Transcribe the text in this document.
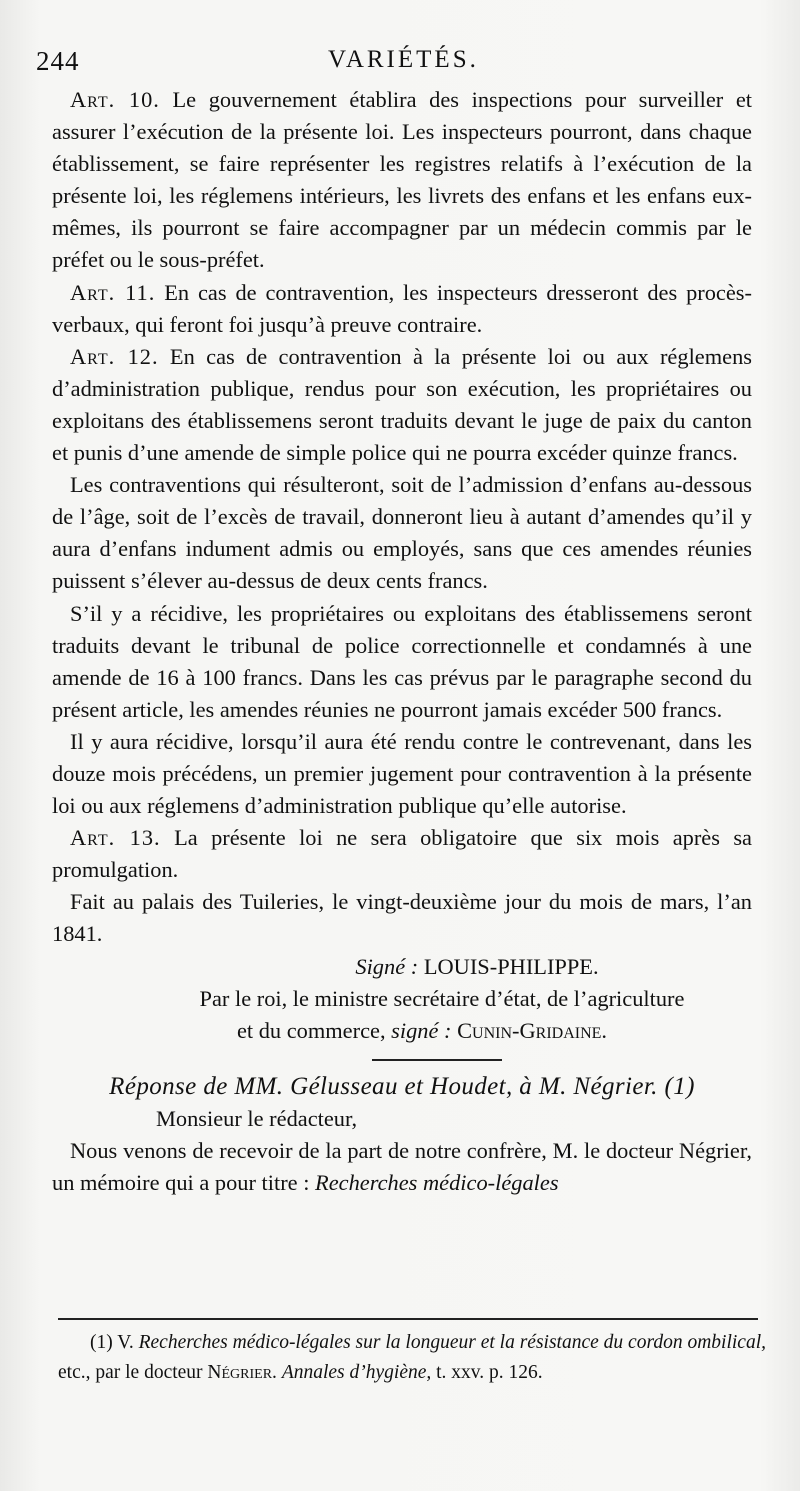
244	VARIÉTÉS.

Art. 10. Le gouvernement établira des inspections pour surveiller et assurer l’exécution de la présente loi. Les inspecteurs pourront, dans chaque établissement, se faire représenter les registres relatifs à l’exécution de la présente loi, les réglemens intérieurs, les livrets des enfans et les enfans eux-mêmes, ils pourront se faire accompagner par un médecin commis par le préfet ou le sous-préfet.

Art. 11. En cas de contravention, les inspecteurs dresseront des procès-verbaux, qui feront foi jusqu’à preuve contraire.

Art. 12. En cas de contravention à la présente loi ou aux réglemens d’administration publique, rendus pour son exécution, les propriétaires ou exploitans des établissemens seront traduits devant le juge de paix du canton et punis d’une amende de simple police qui ne pourra excéder quinze francs.

Les contraventions qui résulteront, soit de l’admission d’enfans au-dessous de l’âge, soit de l’excès de travail, donneront lieu à autant d’amendes qu’il y aura d’enfans indument admis ou employés, sans que ces amendes réunies puissent s’élever au-dessus de deux cents francs.

S’il y a récidive, les propriétaires ou exploitans des établissemens seront traduits devant le tribunal de police correctionnelle et condamnés à une amende de 16 à 100 francs. Dans les cas prévus par le paragraphe second du présent article, les amendes réunies ne pourront jamais excéder 500 francs.

Il y aura récidive, lorsqu’il aura été rendu contre le contrevenant, dans les douze mois précédens, un premier jugement pour contravention à la présente loi ou aux réglemens d’administration publique qu’elle autorise.

Art. 13. La présente loi ne sera obligatoire que six mois après sa promulgation.

Fait au palais des Tuileries, le vingt-deuxième jour du mois de mars, l’an 1841.

Signé : LOUIS-PHILIPPE.

Par le roi, le ministre secrétaire d’état, de l’agriculture

et du commerce, signé : Cunin-Gridaine.

Réponse de MM. Gélusseau et Houdet, à M. Négrier. (1)

Monsieur le rédacteur,

Nous venons de recevoir de la part de notre confrère, M. le docteur Négrier, un mémoire qui a pour titre : Recherches médico-légales

(1) V. Recherches médico-légales sur la longueur et la résistance du cordon ombilical, etc., par le docteur Négrier. Annales d’hygiène, t. xxv. p. 126.
